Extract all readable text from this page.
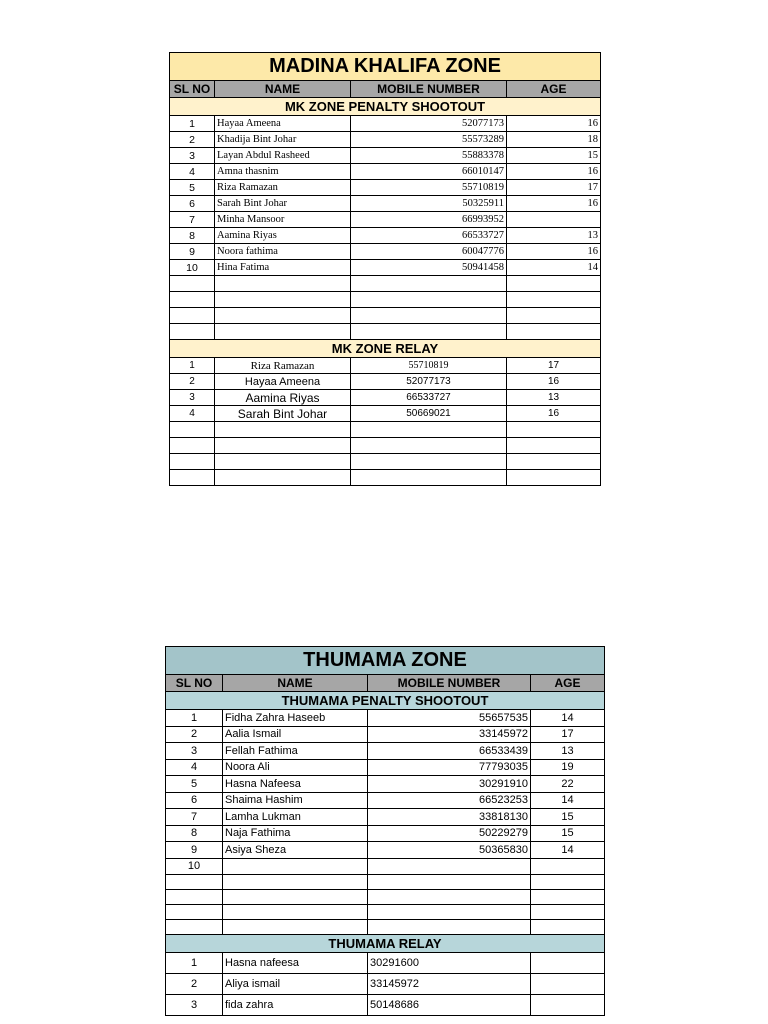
MADINA KHALIFA ZONE			
SL NO	NAME	MOBILE NUMBER	AGE
MK ZONE PENALTY SHOOTOUT			
1	Hayaa Ameena	52077173	16
2	Khadija Bint Johar	55573289	18
3	Layan Abdul Rasheed	55883378	15
4	Amna thasnim	66010147	16
5	Riza Ramazan	55710819	17
6	Sarah Bint Johar	50325911	16
7	Minha Mansoor	66993952	
8	Aamina Riyas	66533727	13
9	Noora fathima	60047776	16
10	Hina Fatima	50941458	14

MK ZONE RELAY			
1	Riza Ramazan	55710819	17
2	Hayaa Ameena	52077173	16
3	Aamina Riyas	66533727	13
4	Sarah Bint Johar	50669021	16

THUMAMA ZONE			
SL NO	NAME	MOBILE NUMBER	AGE
THUMAMA PENALTY SHOOTOUT			
1	Fidha Zahra Haseeb	55657535	14
2	Aalia Ismail	33145972	17
3	Fellah Fathima	66533439	13
4	Noora Ali	77793035	19
5	Hasna Nafeesa	30291910	22
6	Shaima Hashim	66523253	14
7	Lamha Lukman	33818130	15
8	Naja Fathima	50229279	15
9	Asiya Sheza	50365830	14
10			

THUMAMA RELAY			
1	Hasna nafeesa	30291600	
2	Aliya ismail	33145972	
3	fida zahra	50148686	
